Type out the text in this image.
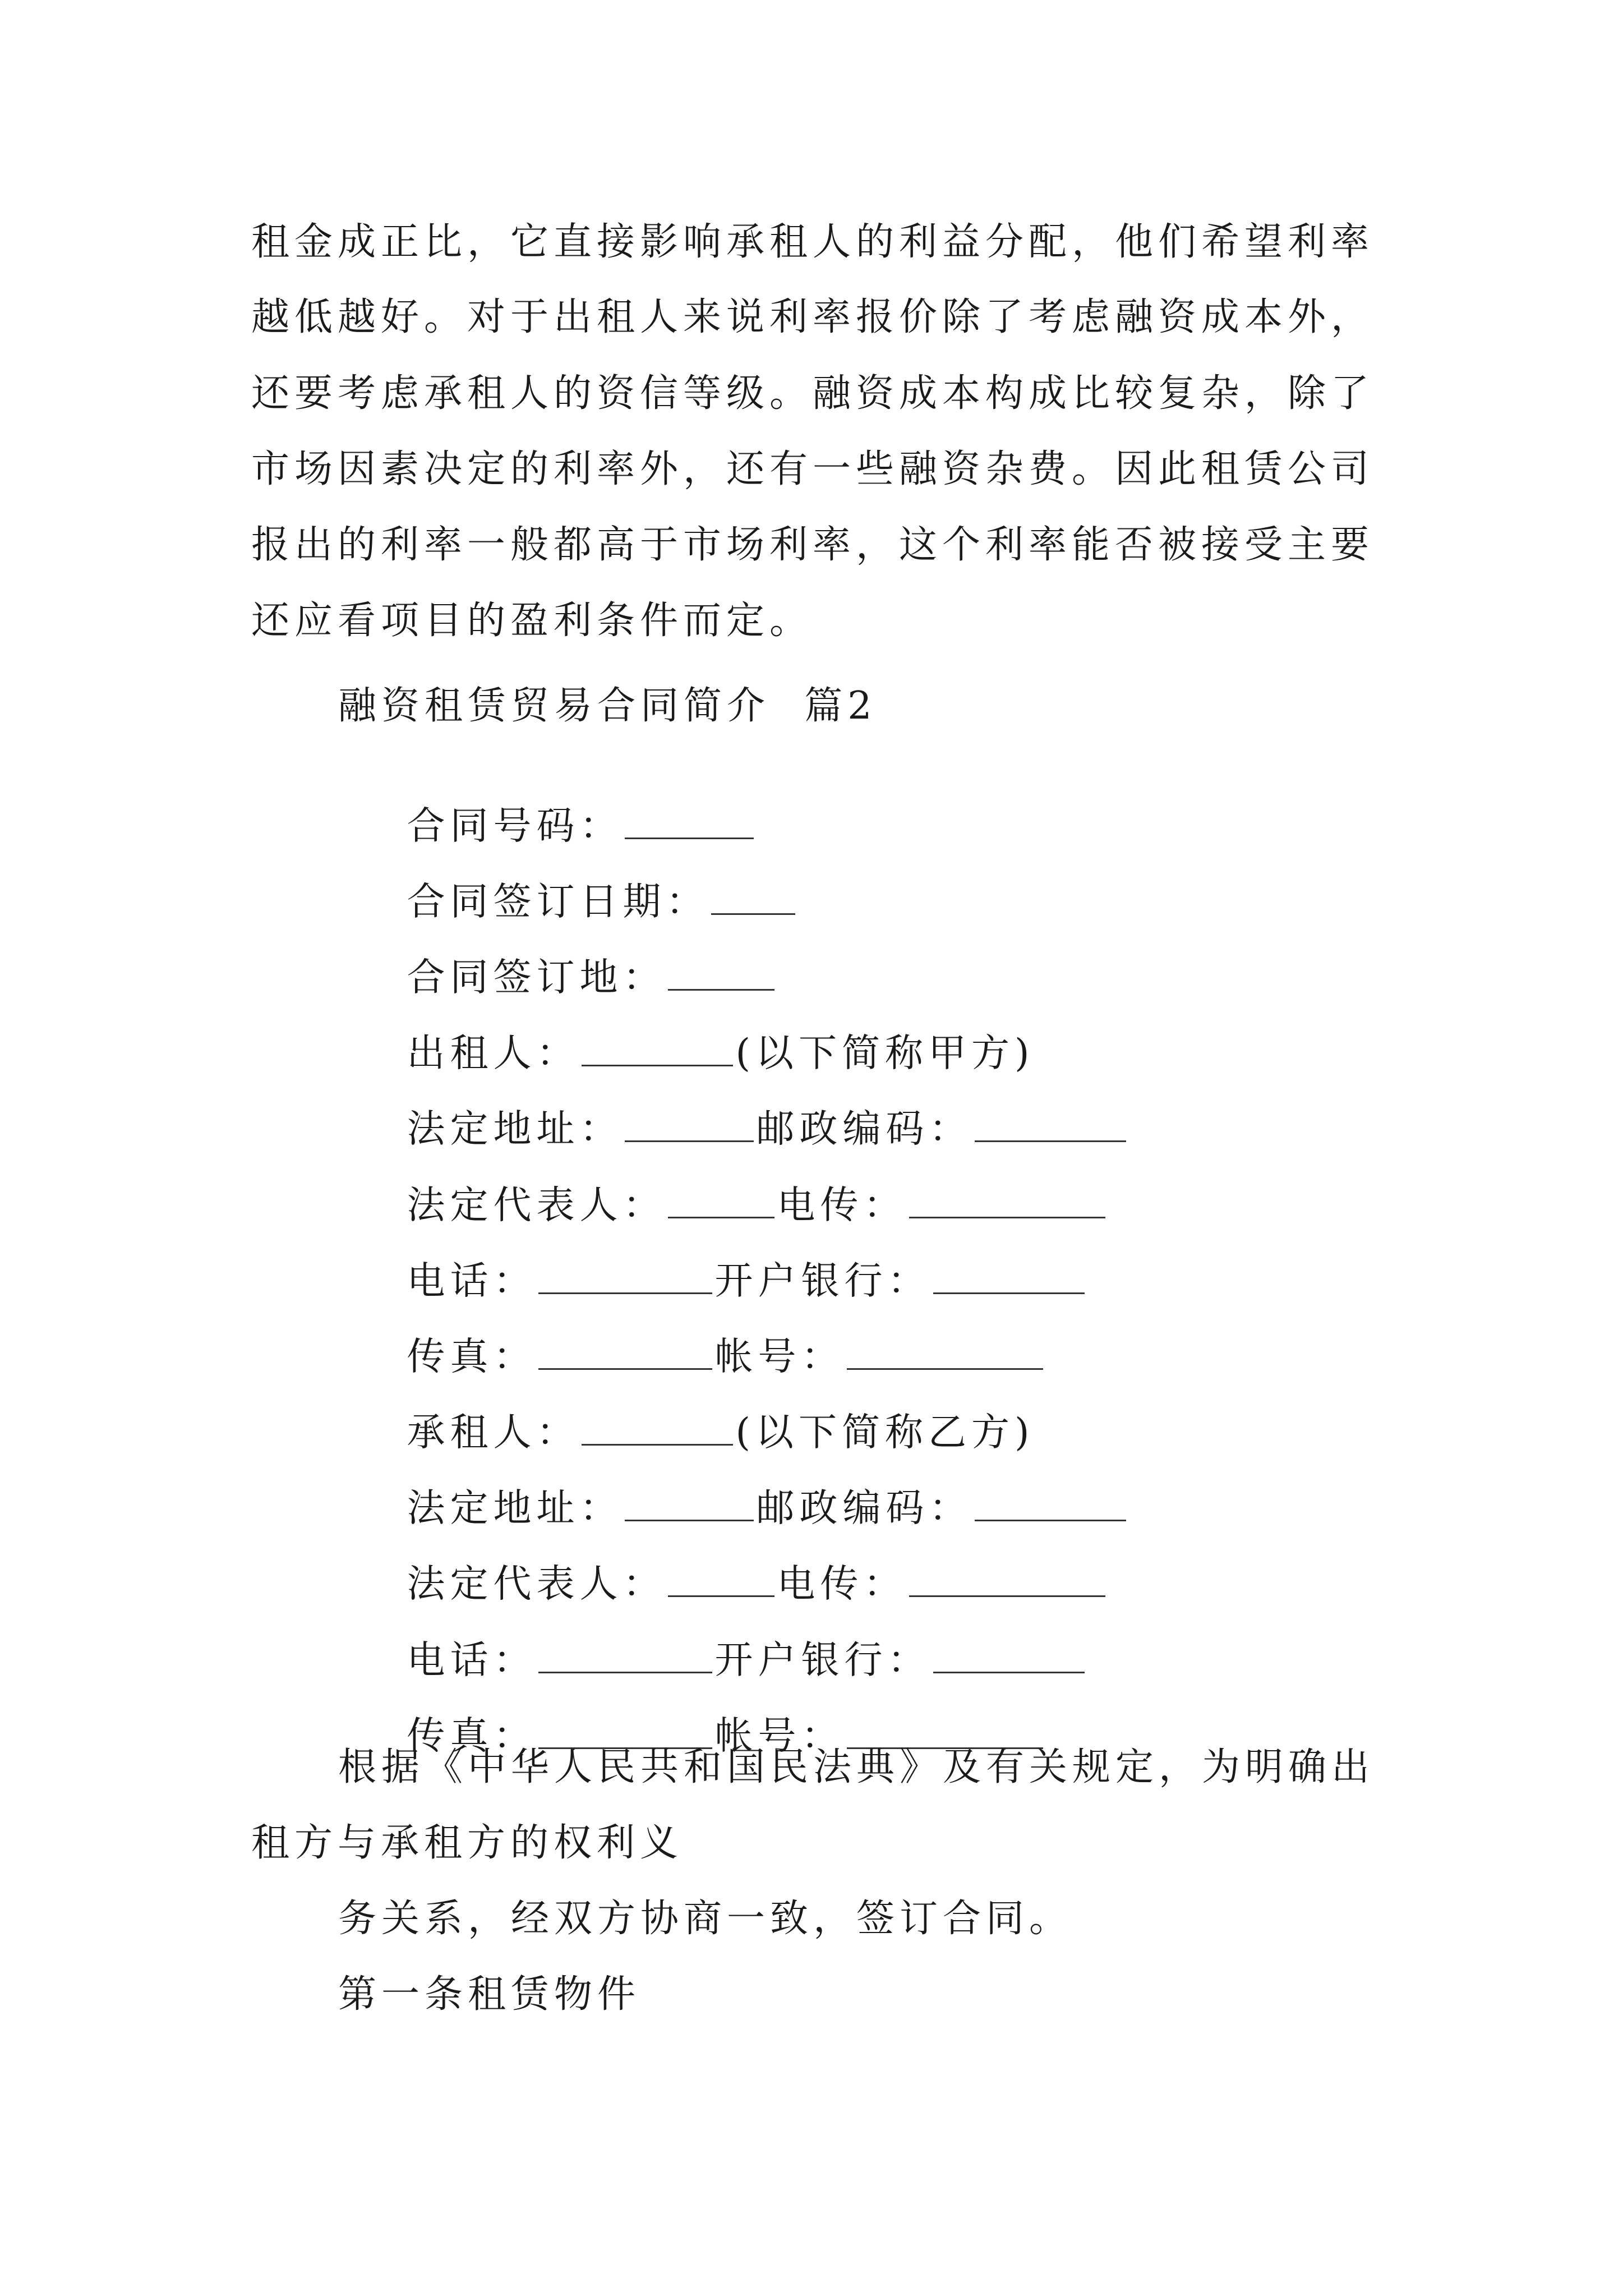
租金成正比，它直接影响承租人的利益分配，他们希望利率
越低越好。对于出租人来说利率报价除了考虑融资成本外，
还要考虑承租人的资信等级。融资成本构成比较复杂，除了
市场因素决定的利率外，还有一些融资杂费。因此租赁公司
报出的利率一般都高于市场利率，这个利率能否被接受主要
还应看项目的盈利条件而定。
融资租赁贸易合同简介  篇2

合同号码：

合同签订日期：

合同签订地：

出租人：	(以下简称甲方)

法定地址：	邮政编码：

法定代表人：	电传：

电话：	开户银行：

传真：	帐号：

承租人：	(以下简称乙方)

法定地址：	邮政编码：

法定代表人：	电传：

电话：	开户银行：

传真：	帐号：

根据《中华人民共和国民法典》及有关规定，为明确出
租方与承租方的权利义
务关系，经双方协商一致，签订合同。
第一条租赁物件
